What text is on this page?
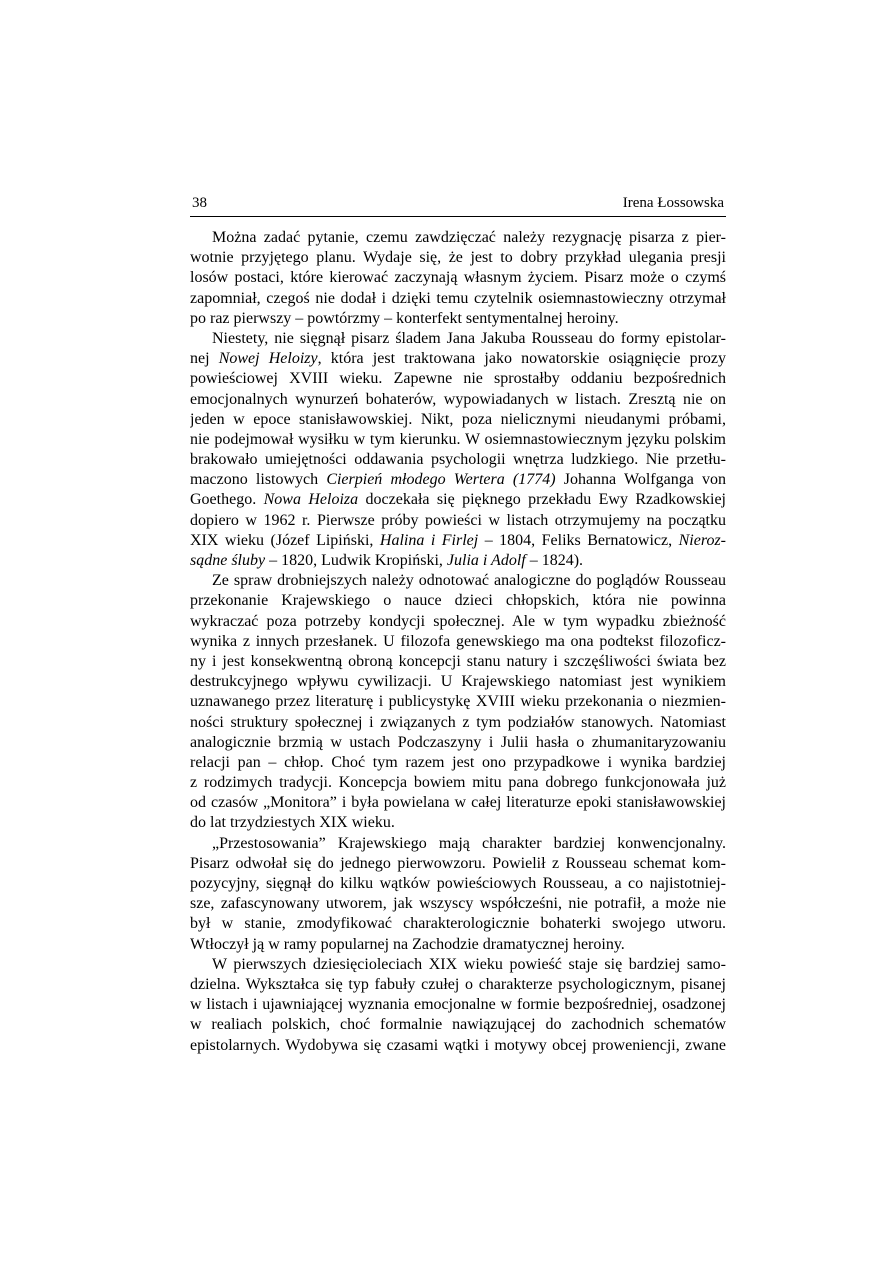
38	Irena Łossowska
Można zadać pytanie, czemu zawdzięczać należy rezygnację pisarza z pier-
wotnie przyjętego planu. Wydaje się, że jest to dobry przykład ulegania presji
losów postaci, które kierować zaczynają własnym życiem. Pisarz może o czymś
zapomniał, czegoś nie dodał i dzięki temu czytelnik osiemnastowieczny otrzymał
po raz pierwszy – powtórzmy – konterfekt sentymentalnej heroiny.
Niestety, nie sięgnął pisarz śladem Jana Jakuba Rousseau do formy epistolar-
nej Nowej Heloizy, która jest traktowana jako nowatorskie osiągnięcie prozy
powieściowej XVIII wieku. Zapewne nie sprostałby oddaniu bezpośrednich
emocjonalnych wynurzeń bohaterów, wypowiadanych w listach. Zresztą nie on
jeden w epoce stanisławowskiej. Nikt, poza nielicznymi nieudanymi próbami,
nie podejmował wysiłku w tym kierunku. W osiemnastowiecznym języku polskim
brakowało umiejętności oddawania psychologii wnętrza ludzkiego. Nie przetłu-
maczono listowych Cierpień młodego Wertera (1774) Johanna Wolfganga von
Goethego. Nowa Heloiza doczekała się pięknego przekładu Ewy Rzadkowskiej
dopiero w 1962 r. Pierwsze próby powieści w listach otrzymujemy na początku
XIX wieku (Józef Lipiński, Halina i Firlej – 1804, Feliks Bernatowicz, Nieroz-
sądne śluby – 1820, Ludwik Kropiński, Julia i Adolf – 1824).
Ze spraw drobniejszych należy odnotować analogiczne do poglądów Rousseau
przekonanie Krajewskiego o nauce dzieci chłopskich, która nie powinna
wykraczać poza potrzeby kondycji społecznej. Ale w tym wypadku zbieżność
wynika z innych przesłanek. U filozofa genewskiego ma ona podtekst filozoficz-
ny i jest konsekwentną obroną koncepcji stanu natury i szczęśliwości świata bez
destrukcyjnego wpływu cywilizacji. U Krajewskiego natomiast jest wynikiem
uznawanego przez literaturę i publicystykę XVIII wieku przekonania o niezmien-
ności struktury społecznej i związanych z tym podziałów stanowych. Natomiast
analogicznie brzmią w ustach Podczaszyny i Julii hasła o zhumanitaryzowaniu
relacji pan – chłop. Choć tym razem jest ono przypadkowe i wynika bardziej
z rodzimych tradycji. Koncepcja bowiem mitu pana dobrego funkcjonowała już
od czasów „Monitora” i była powielana w całej literaturze epoki stanisławowskiej
do lat trzydziestych XIX wieku.
„Przestosowania” Krajewskiego mają charakter bardziej konwencjonalny.
Pisarz odwołał się do jednego pierwowzoru. Powielił z Rousseau schemat kom-
pozycyjny, sięgnął do kilku wątków powieściowych Rousseau, a co najistotniej-
sze, zafascynowany utworem, jak wszyscy współcześni, nie potrafił, a może nie
był w stanie, zmodyfikować charakterologicznie bohaterki swojego utworu.
Wtłoczył ją w ramy popularnej na Zachodzie dramatycznej heroiny.
W pierwszych dziesięcioleciach XIX wieku powieść staje się bardziej samo-
dzielna. Wykształca się typ fabuły czułej o charakterze psychologicznym, pisanej
w listach i ujawniającej wyznania emocjonalne w formie bezpośredniej, osadzonej
w realiach polskich, choć formalnie nawiązującej do zachodnich schematów
epistolarnych. Wydobywa się czasami wątki i motywy obcej proweniencji, zwane
